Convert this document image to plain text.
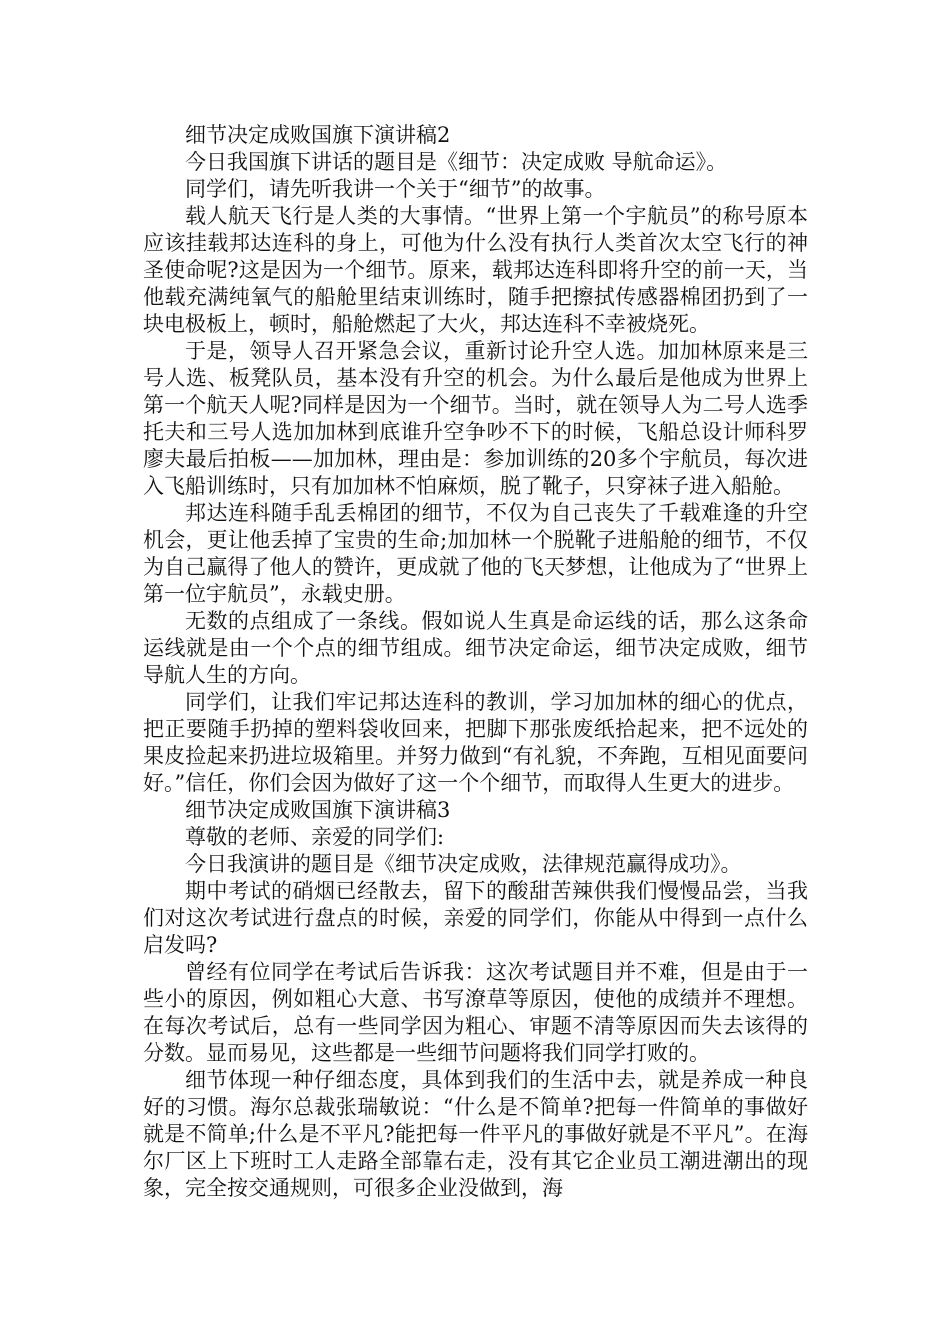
细节决定成败国旗下演讲稿2

今日我国旗下讲话的题目是《细节：决定成败 导航命运》。

同学们，请先听我讲一个关于“细节”的故事。

载人航天飞行是人类的大事情。“世界上第一个宇航员”的称号原本应该挂载邦达连科的身上，可他为什么没有执行人类首次太空飞行的神圣使命呢?这是因为一个细节。原来，载邦达连科即将升空的前一天，当他载充满纯氧气的船舱里结束训练时，随手把擦拭传感器棉团扔到了一块电极板上，顿时，船舱燃起了大火，邦达连科不幸被烧死。

于是，领导人召开紧急会议，重新讨论升空人选。加加林原来是三号人选、板凳队员，基本没有升空的机会。为什么最后是他成为世界上第一个航天人呢?同样是因为一个细节。当时，就在领导人为二号人选季托夫和三号人选加加林到底谁升空争吵不下的时候，飞船总设计师科罗廖夫最后拍板——加加林，理由是：参加训练的20多个宇航员，每次进入飞船训练时，只有加加林不怕麻烦，脱了靴子，只穿袜子进入船舱。

邦达连科随手乱丢棉团的细节，不仅为自己丧失了千载难逢的升空机会，更让他丢掉了宝贵的生命;加加林一个脱靴子进船舱的细节，不仅为自己赢得了他人的赞许，更成就了他的飞天梦想，让他成为了“世界上第一位宇航员”，永载史册。

无数的点组成了一条线。假如说人生真是命运线的话，那么这条命运线就是由一个个点的细节组成。细节决定命运，细节决定成败，细节导航人生的方向。

同学们，让我们牢记邦达连科的教训，学习加加林的细心的优点，把正要随手扔掉的塑料袋收回来，把脚下那张废纸拾起来，把不远处的果皮捡起来扔进垃圾箱里。并努力做到“有礼貌，不奔跑，互相见面要问好。”信任，你们会因为做好了这一个个细节，而取得人生更大的进步。

细节决定成败国旗下演讲稿3

尊敬的老师、亲爱的同学们:

今日我演讲的题目是《细节决定成败，法律规范赢得成功》。

期中考试的硝烟已经散去，留下的酸甜苦辣供我们慢慢品尝，当我们对这次考试进行盘点的时候，亲爱的同学们，你能从中得到一点什么启发吗?

曾经有位同学在考试后告诉我：这次考试题目并不难，但是由于一些小的原因，例如粗心大意、书写潦草等原因，使他的成绩并不理想。在每次考试后，总有一些同学因为粗心、审题不清等原因而失去该得的分数。显而易见，这些都是一些细节问题将我们同学打败的。

细节体现一种仔细态度，具体到我们的生活中去，就是养成一种良好的习惯。海尔总裁张瑞敏说：“什么是不简单?把每一件简单的事做好就是不简单;什么是不平凡?能把每一件平凡的事做好就是不平凡”。在海尔厂区上下班时工人走路全部靠右走，没有其它企业员工潮进潮出的现象，完全按交通规则，可很多企业没做到，海
